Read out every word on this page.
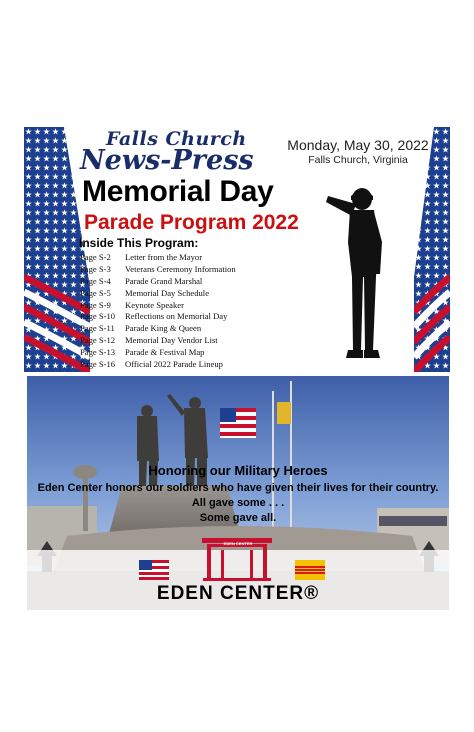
Falls Church
News-Press	Monday, May 30, 2022
Falls Church, Virginia
Memorial Day
Parade Program 2022
Inside This Program:
Page S-2 Letter from the Mayor
Page S-3 Veterans Ceremony Information
Page S-4 Parade Grand Marshal
Page S-5 Memorial Day Schedule
Page S-9 Keynote Speaker
Page S-10 Reflections on Memorial Day
Page S-11 Parade King & Queen
Page S-12 Memorial Day Vendor List
Page S-13 Parade & Festival Map
Page S-16 Official 2022 Parade Lineup
Honoring our Military Heroes
Eden Center honors our soldiers who have given their lives for their country.
All gave some . . .
Some gave all.
EDEN CENTER
EDEN CENTER®
